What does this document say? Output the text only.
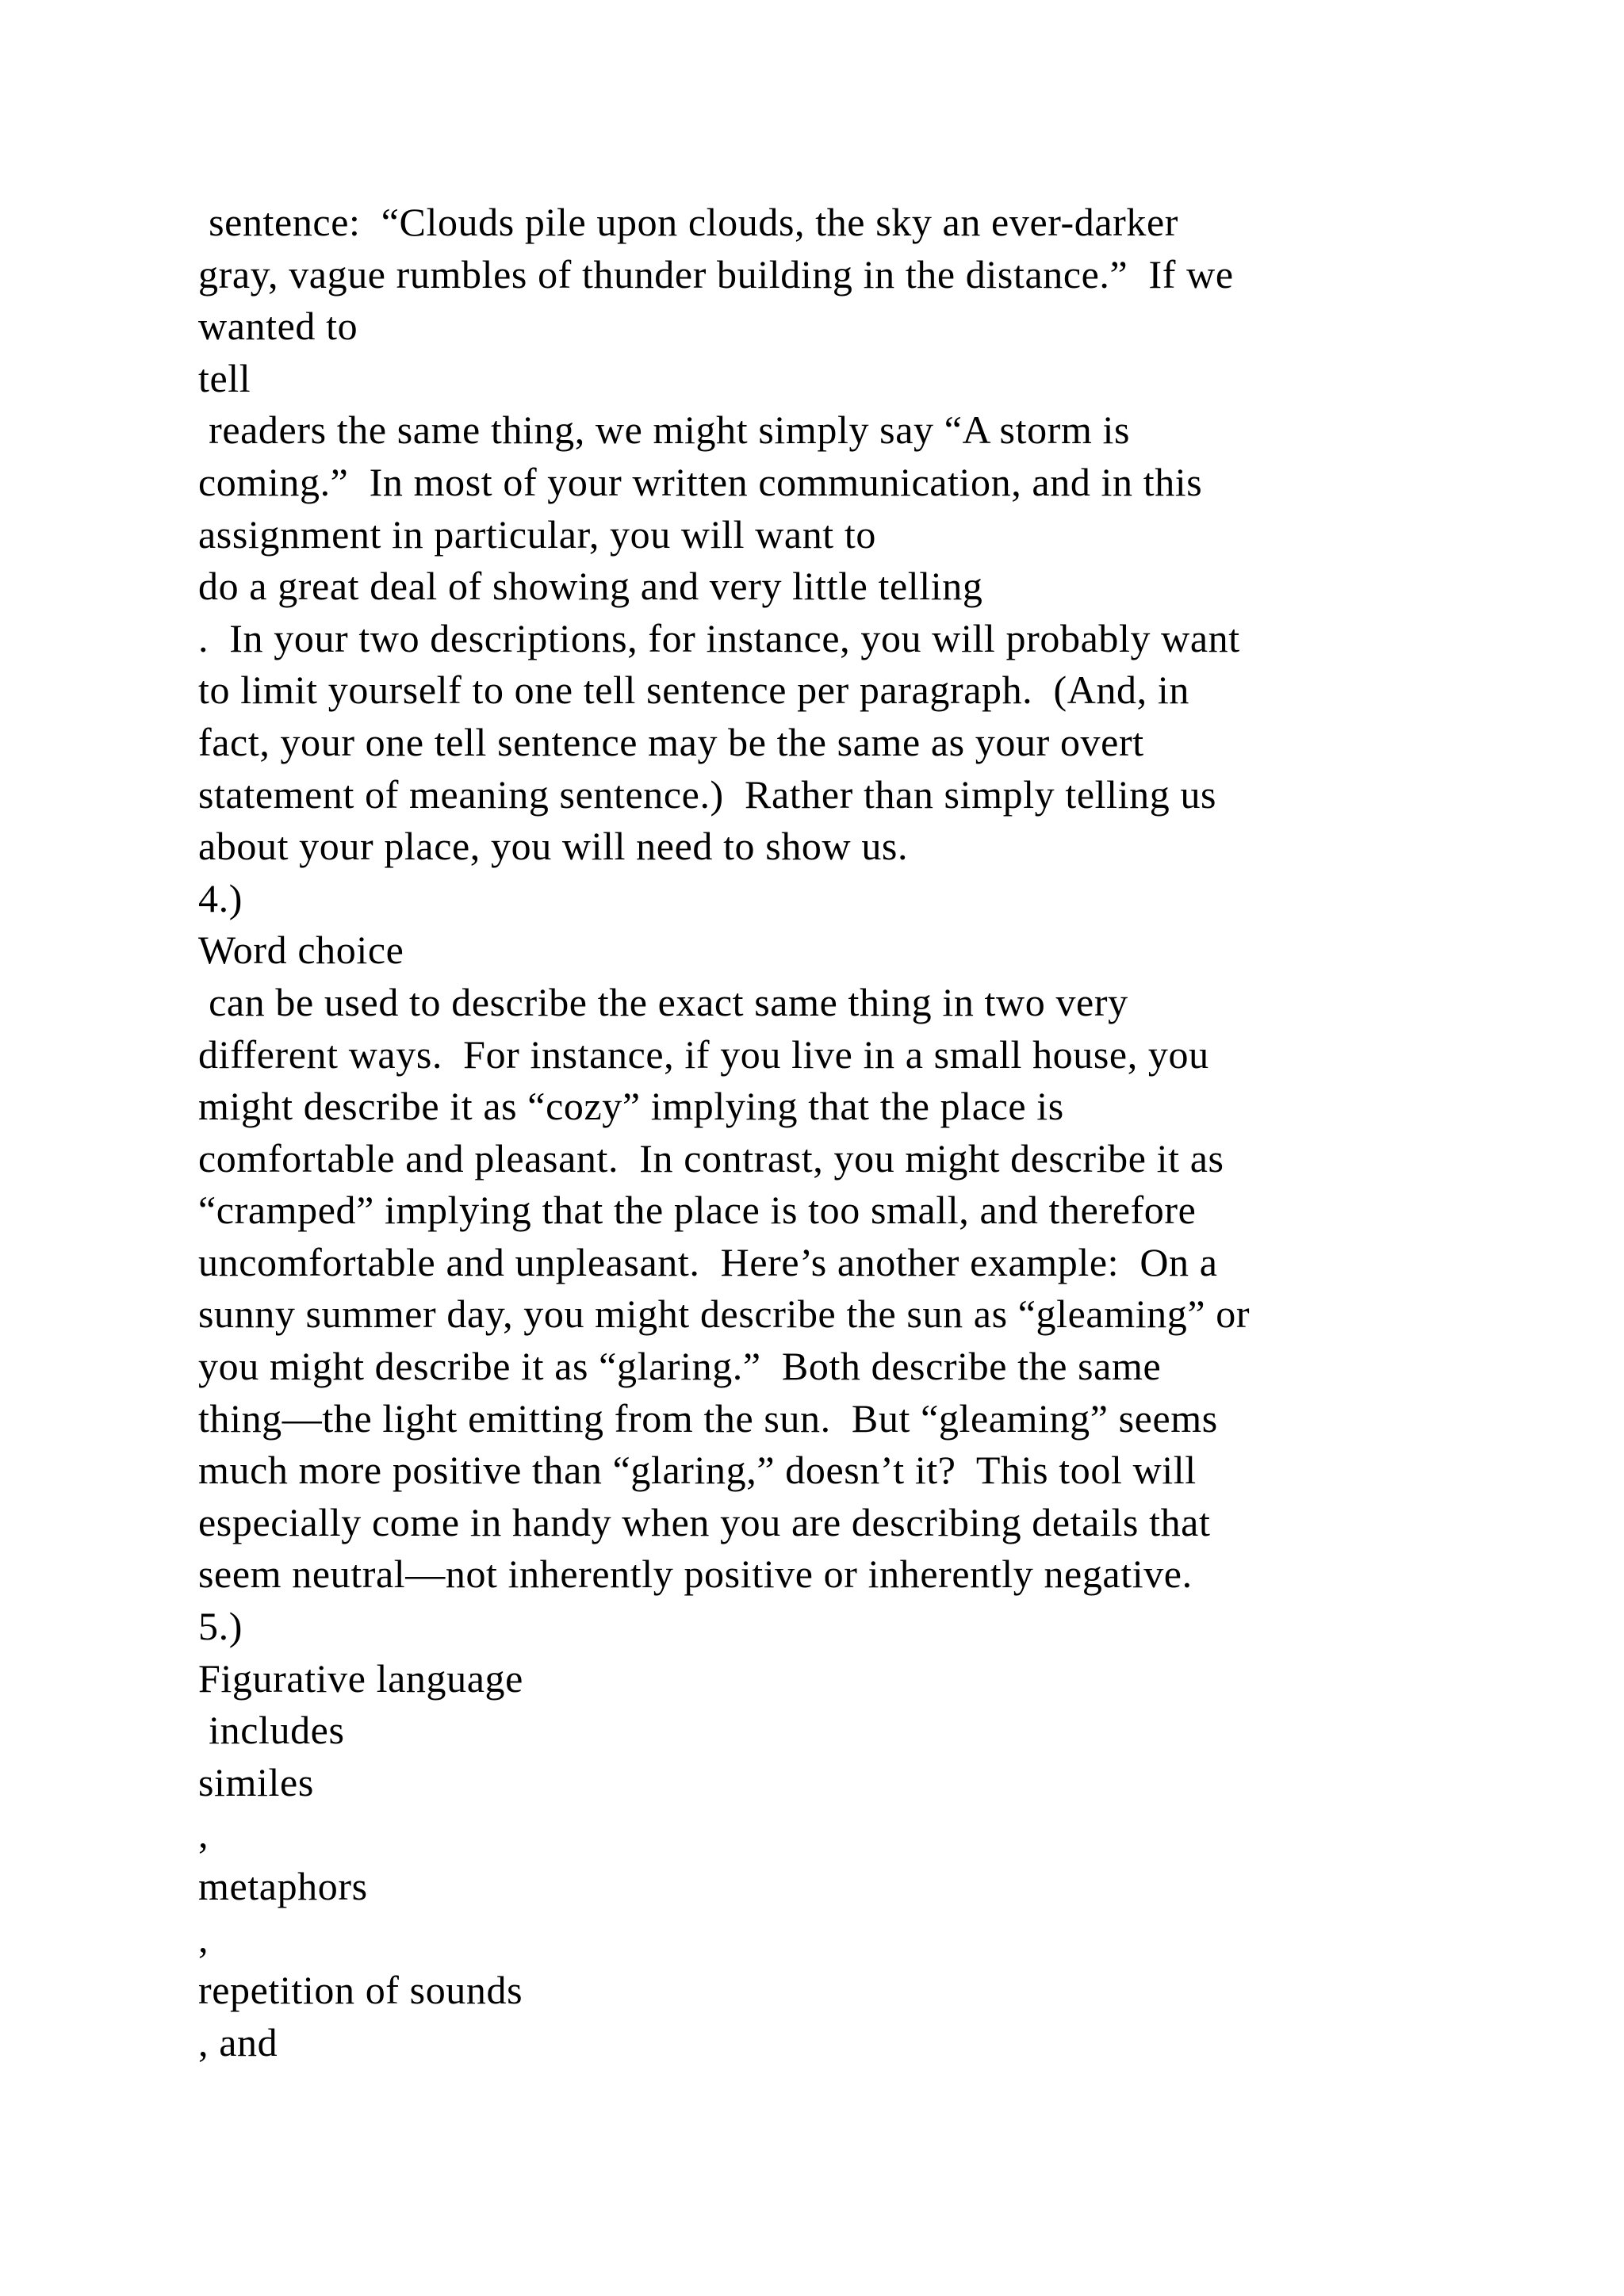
sentence:  “Clouds pile upon clouds, the sky an ever-darker
gray, vague rumbles of thunder building in the distance.”  If we
wanted to
tell
readers the same thing, we might simply say “A storm is
coming.”  In most of your written communication, and in this
assignment in particular, you will want to
do a great deal of showing and very little telling
.  In your two descriptions, for instance, you will probably want
to limit yourself to one tell sentence per paragraph.  (And, in
fact, your one tell sentence may be the same as your overt
statement of meaning sentence.)  Rather than simply telling us
about your place, you will need to show us.
4.)
Word choice
can be used to describe the exact same thing in two very
different ways.  For instance, if you live in a small house, you
might describe it as “cozy” implying that the place is
comfortable and pleasant.  In contrast, you might describe it as
“cramped” implying that the place is too small, and therefore
uncomfortable and unpleasant.  Here’s another example:  On a
sunny summer day, you might describe the sun as “gleaming” or
you might describe it as “glaring.”  Both describe the same
thing—the light emitting from the sun.  But “gleaming” seems
much more positive than “glaring,” doesn’t it?  This tool will
especially come in handy when you are describing details that
seem neutral—not inherently positive or inherently negative.
5.)
Figurative language
includes
similes
,
metaphors
,
repetition of sounds
, and
